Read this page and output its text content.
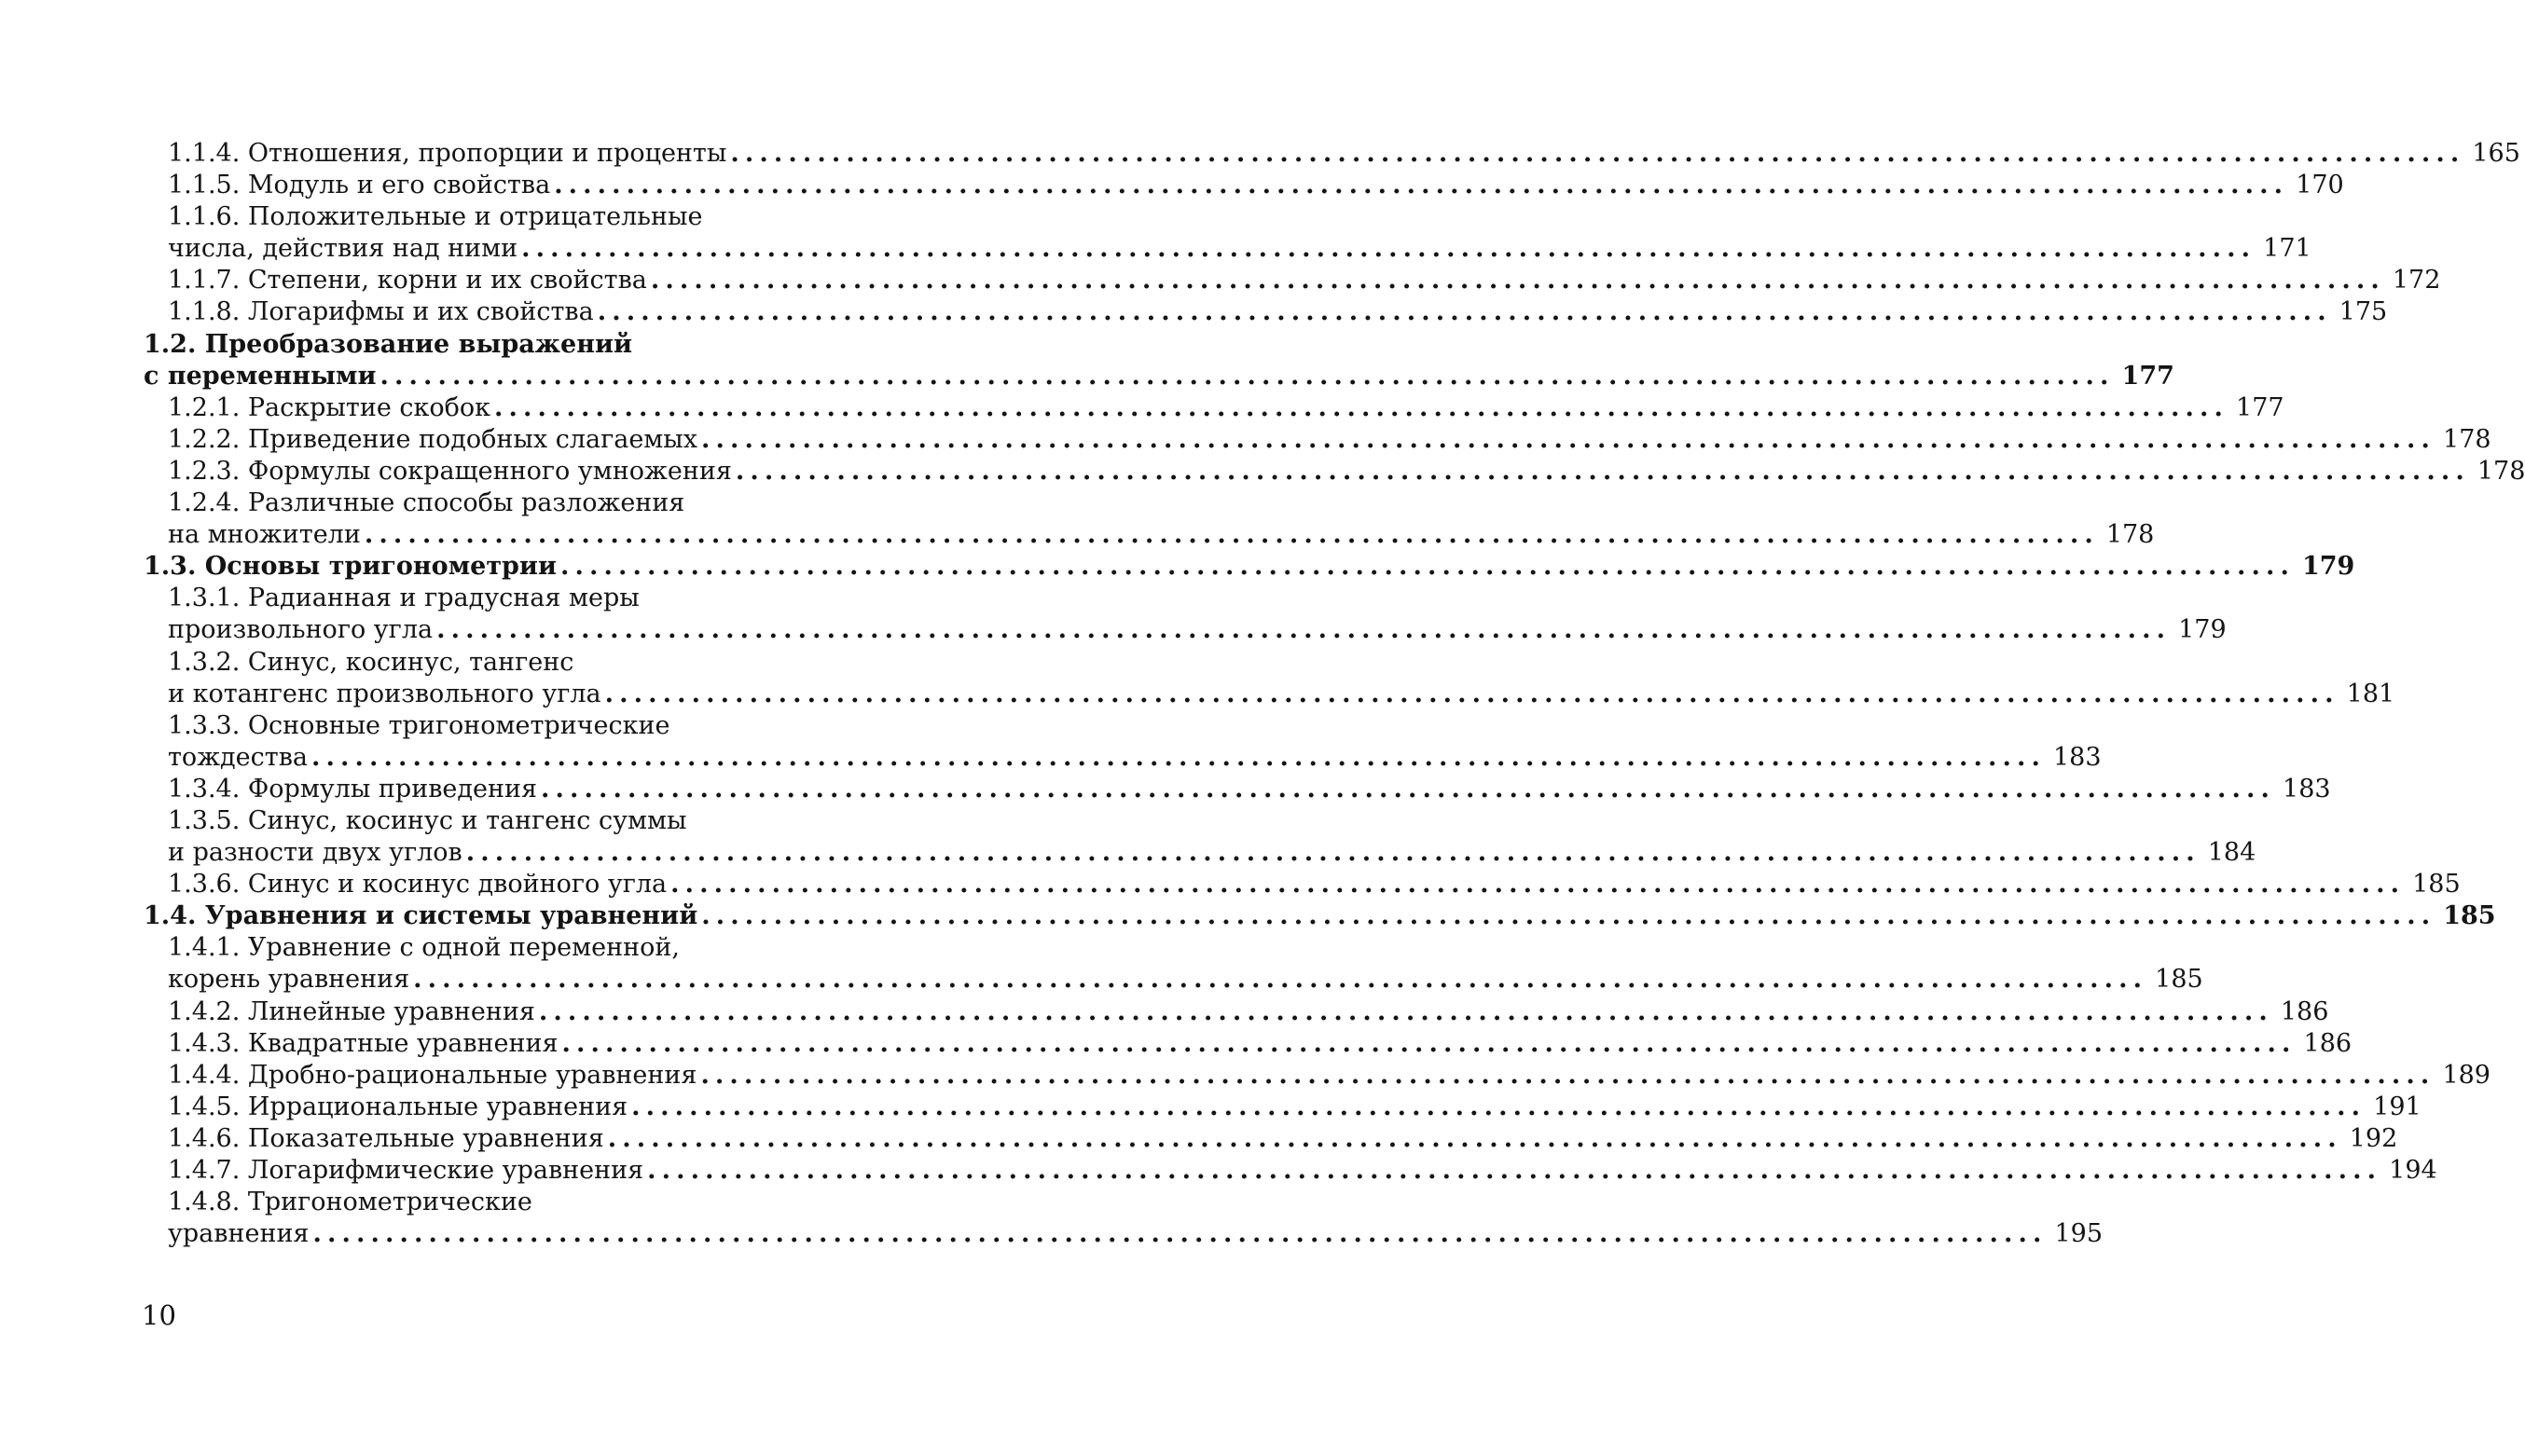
1.1.4. Отношения, пропорции и проценты ........................................................................................................................ 165
1.1.5. Модуль и его свойства ........................................................................................................................ 170
1.1.6. Положительные и отрицательные
числа, действия над ними ........................................................................................................................ 171
1.1.7. Степени, корни и их свойства ........................................................................................................................ 172
1.1.8. Логарифмы и их свойства ........................................................................................................................ 175
1.2. Преобразование выражений
с переменными ........................................................................................................................ 177
1.2.1. Раскрытие скобок ........................................................................................................................ 177
1.2.2. Приведение подобных слагаемых ........................................................................................................................ 178
1.2.3. Формулы сокращенного умножения ........................................................................................................................ 178
1.2.4. Различные способы разложения
на множители ........................................................................................................................ 178
1.3. Основы тригонометрии ........................................................................................................................ 179
1.3.1. Радианная и градусная меры
произвольного угла ........................................................................................................................ 179
1.3.2. Синус, косинус, тангенс
и котангенс произвольного угла ........................................................................................................................ 181
1.3.3. Основные тригонометрические
тождества ........................................................................................................................ 183
1.3.4. Формулы приведения ........................................................................................................................ 183
1.3.5. Синус, косинус и тангенс суммы
и разности двух углов ........................................................................................................................ 184
1.3.6. Синус и косинус двойного угла ........................................................................................................................ 185
1.4. Уравнения и системы уравнений ........................................................................................................................ 185
1.4.1. Уравнение с одной переменной,
корень уравнения ........................................................................................................................ 185
1.4.2. Линейные уравнения ........................................................................................................................ 186
1.4.3. Квадратные уравнения ........................................................................................................................ 186
1.4.4. Дробно-рациональные уравнения ........................................................................................................................ 189
1.4.5. Иррациональные уравнения ........................................................................................................................ 191
1.4.6. Показательные уравнения ........................................................................................................................ 192
1.4.7. Логарифмические уравнения ........................................................................................................................ 194
1.4.8. Тригонометрические
уравнения ........................................................................................................................ 195
10
